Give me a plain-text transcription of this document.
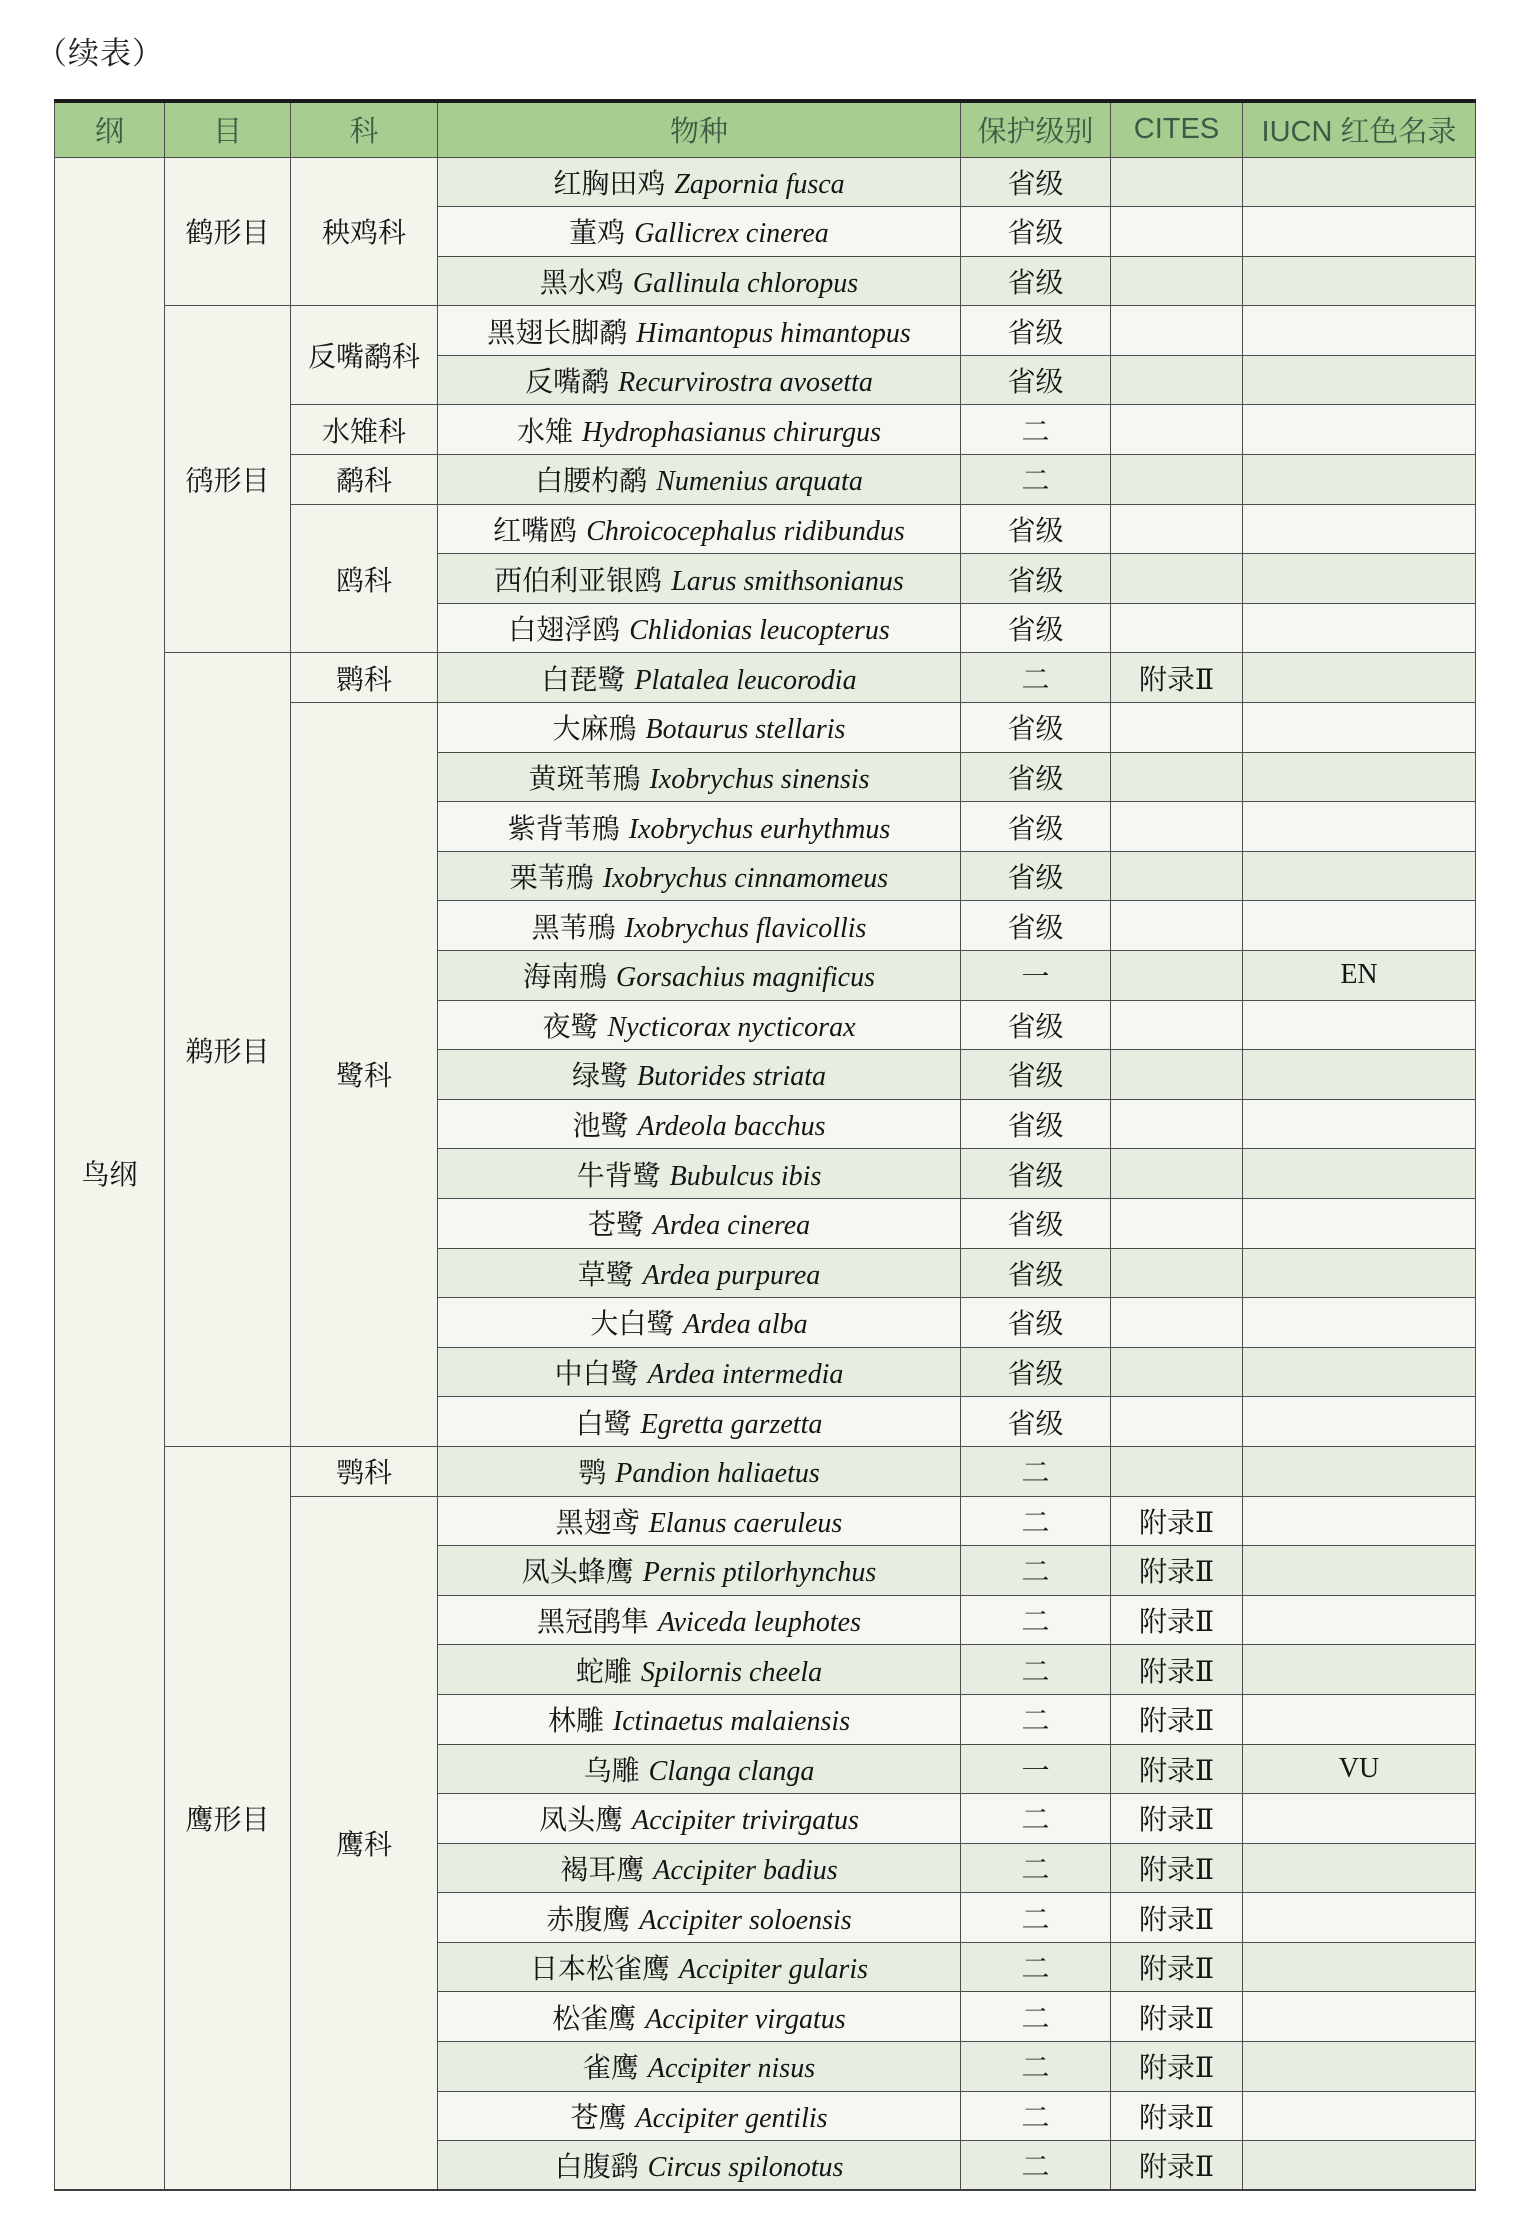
（续表）
纲	目	科	物种	保护级别	CITES	IUCN 红色名录
鸟纲	鹤形目	秧鸡科	红胸田鸡 Zapornia fusca	省级		
			董鸡 Gallicrex cinerea	省级		
			黑水鸡 Gallinula chloropus	省级		
	鸻形目	反嘴鹬科	黑翅长脚鹬 Himantopus himantopus	省级		
			反嘴鹬 Recurvirostra avosetta	省级		
		水雉科	水雉 Hydrophasianus chirurgus	二		
		鹬科	白腰杓鹬 Numenius arquata	二		
		鸥科	红嘴鸥 Chroicocephalus ridibundus	省级		
			西伯利亚银鸥 Larus smithsonianus	省级		
			白翅浮鸥 Chlidonias leucopterus	省级		
	鹈形目	鹮科	白琵鹭 Platalea leucorodia	二	附录Ⅱ	
		鹭科	大麻鳽 Botaurus stellaris	省级		
			黄斑苇鳽 Ixobrychus sinensis	省级		
			紫背苇鳽 Ixobrychus eurhythmus	省级		
			栗苇鳽 Ixobrychus cinnamomeus	省级		
			黑苇鳽 Ixobrychus flavicollis	省级		
			海南鳽 Gorsachius magnificus	一		EN
			夜鹭 Nycticorax nycticorax	省级		
			绿鹭 Butorides striata	省级		
			池鹭 Ardeola bacchus	省级		
			牛背鹭 Bubulcus ibis	省级		
			苍鹭 Ardea cinerea	省级		
			草鹭 Ardea purpurea	省级		
			大白鹭 Ardea alba	省级		
			中白鹭 Ardea intermedia	省级		
			白鹭 Egretta garzetta	省级		
	鹰形目	鹗科	鹗 Pandion haliaetus	二		
		鹰科	黑翅鸢 Elanus caeruleus	二	附录Ⅱ	
			凤头蜂鹰 Pernis ptilorhynchus	二	附录Ⅱ	
			黑冠鹃隼 Aviceda leuphotes	二	附录Ⅱ	
			蛇雕 Spilornis cheela	二	附录Ⅱ	
			林雕 Ictinaetus malaiensis	二	附录Ⅱ	
			乌雕 Clanga clanga	一	附录Ⅱ	VU
			凤头鹰 Accipiter trivirgatus	二	附录Ⅱ	
			褐耳鹰 Accipiter badius	二	附录Ⅱ	
			赤腹鹰 Accipiter soloensis	二	附录Ⅱ	
			日本松雀鹰 Accipiter gularis	二	附录Ⅱ	
			松雀鹰 Accipiter virgatus	二	附录Ⅱ	
			雀鹰 Accipiter nisus	二	附录Ⅱ	
			苍鹰 Accipiter gentilis	二	附录Ⅱ	
			白腹鹞 Circus spilonotus	二	附录Ⅱ	
